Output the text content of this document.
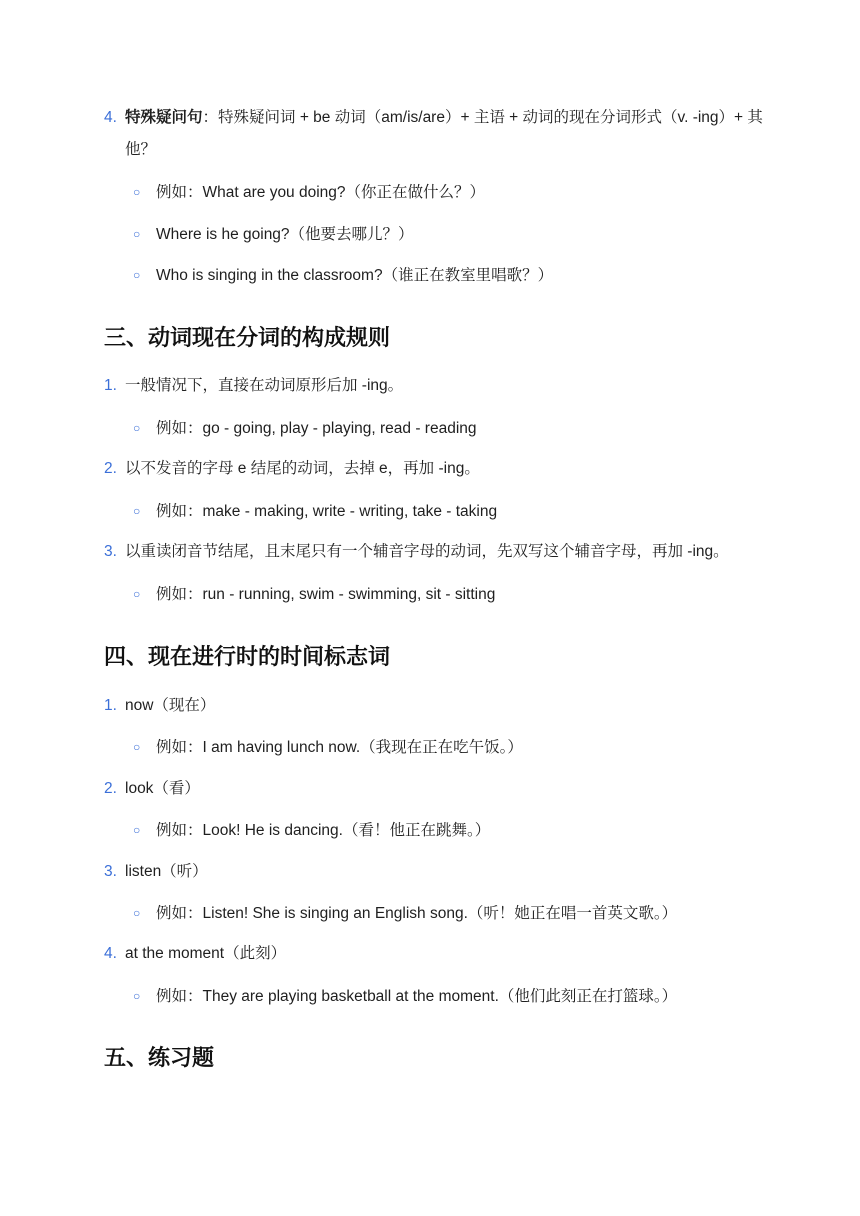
4. 特殊疑问句：特殊疑问词 + be 动词（am/is/are）+ 主语 + 动词的现在分词形式（v. -ing）+ 其他？
○ 例如：What are you doing?（你正在做什么？）
○ Where is he going?（他要去哪儿？）
○ Who is singing in the classroom?（谁正在教室里唱歌？）
三、动词现在分词的构成规则
1. 一般情况下，直接在动词原形后加 -ing。
○ 例如：go - going, play - playing, read - reading
2. 以不发音的字母 e 结尾的动词，去掉 e，再加 -ing。
○ 例如：make - making, write - writing, take - taking
3. 以重读闭音节结尾，且末尾只有一个辅音字母的动词，先双写这个辅音字母，再加 -ing。
○ 例如：run - running, swim - swimming, sit - sitting
四、现在进行时的时间标志词
1. now（现在）
○ 例如：I am having lunch now.（我现在正在吃午饭。）
2. look（看）
○ 例如：Look! He is dancing.（看！他正在跳舞。）
3. listen（听）
○ 例如：Listen! She is singing an English song.（听！她正在唱一首英文歌。）
4. at the moment（此刻）
○ 例如：They are playing basketball at the moment.（他们此刻正在打篮球。）
五、练习题
